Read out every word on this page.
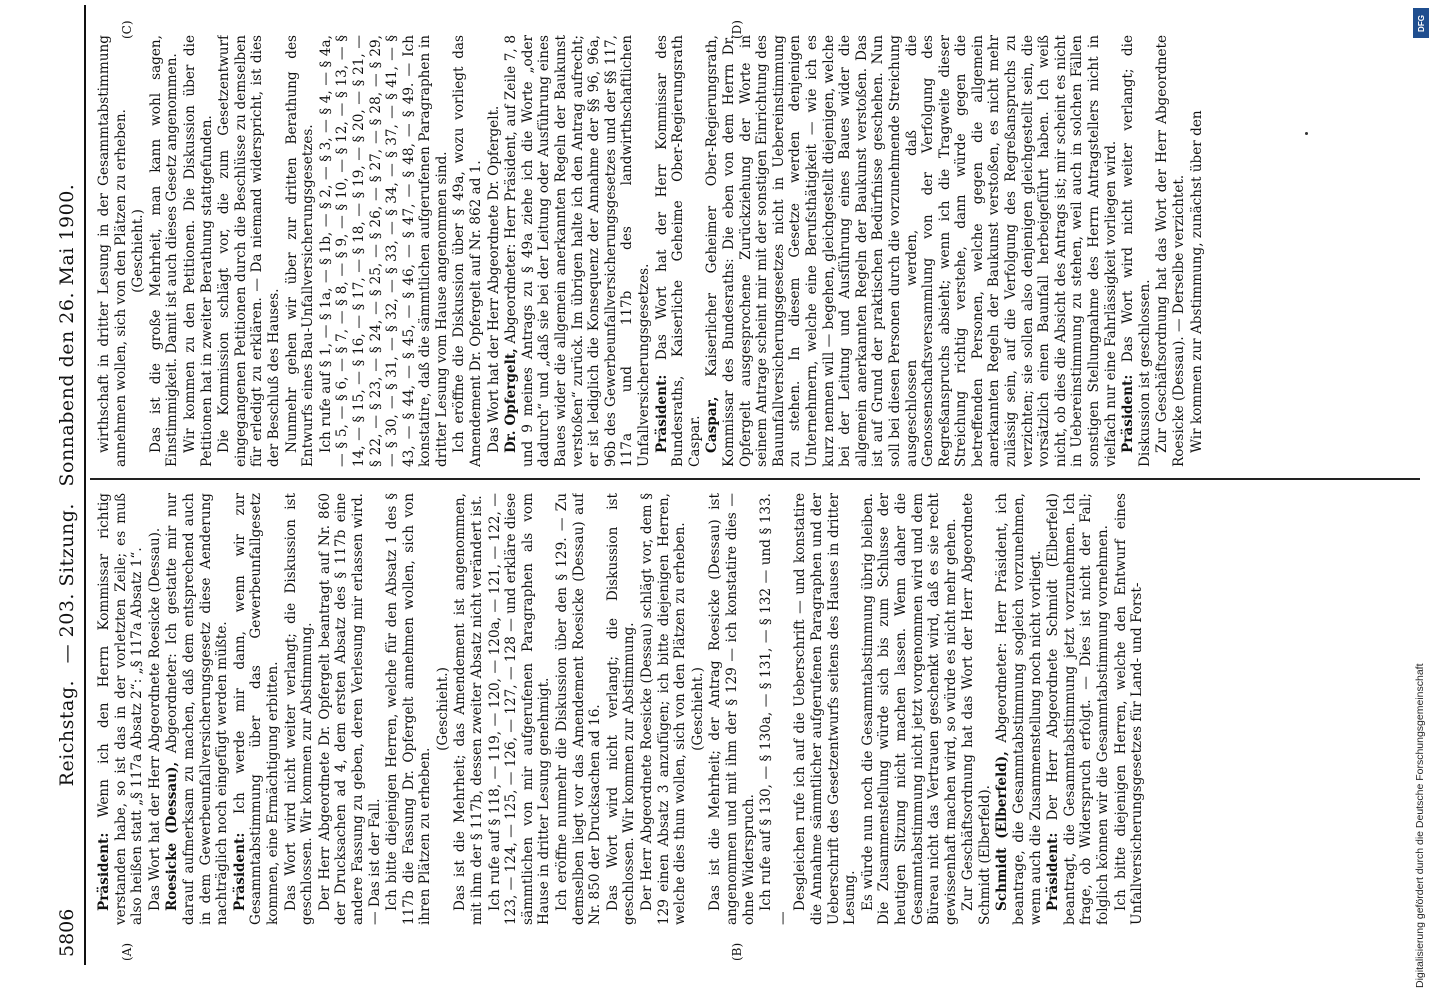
5806
Reichstag. — 203. Sitzung. Sonnabend den 26. Mai 1900.
(A)	(B)
(C)	(D)

Präsident: Wenn ich den Herrn Kommissar richtig verstanden habe, so ist das in der vorletzten Zeile; es muß also heißen statt „§ 117a Absatz 2“: „§ 117a Absatz 1“. Das Wort hat der Herr Abgeordnete Roesicke (Dessau). Roesicke (Dessau), Abgeordneter: Ich gestatte mir nur darauf aufmerksam zu machen, daß dem entsprechend auch in dem Gewerbeunfallversicherungsgesetz diese Aenderung nachträglich noch eingefügt werden müßte. Präsident: Ich werde mir dann, wenn wir zur Gesammtabstimmung über das Gewerbeunfallgesetz kommen, eine Ermächtigung erbitten. Das Wort wird nicht weiter verlangt; die Diskussion ist geschlossen. Wir kommen zur Abstimmung. Der Herr Abgeordnete Dr. Opfergelt beantragt auf Nr. 860 der Drucksachen ad 4, dem ersten Absatz des § 117b eine andere Fassung zu geben, deren Verlesung mir erlassen wird. — Das ist der Fall. Ich bitte diejenigen Herren, welche für den Absatz 1 des § 117b die Fassung Dr. Opfergelt annehmen wollen, sich von ihren Plätzen zu erheben.

(Geschieht.) Das ist die Mehrheit; das Amendement ist angenommen, mit ihm der § 117b, dessen zweiter Absatz nicht verändert ist. Ich rufe auf § 118, — 119, — 120, — 120a, — 121, — 122, — 123, — 124, — 125, — 126, — 127, — 128 — und erkläre diese sämmtlichen von mir aufgerufenen Paragraphen als vom Hause in dritter Lesung genehmigt. Ich eröffne nunmehr die Diskussion über den § 129. — Zu demselben liegt vor das Amendement Roesicke (Dessau) auf Nr. 850 der Drucksachen ad 16. Das Wort wird nicht verlangt; die Diskussion ist geschlossen. Wir kommen zur Abstimmung. Der Herr Abgeordnete Roesicke (Dessau) schlägt vor, dem § 129 einen Absatz 3 anzufügen; ich bitte diejenigen Herren, welche dies thun wollen, sich von den Plätzen zu erheben. (Geschieht.) Das ist die Mehrheit; der Antrag Roesicke (Dessau) ist angenommen und mit ihm der § 129 — ich konstatire dies — ohne Widerspruch. Ich rufe auf § 130, — § 130a, — § 131, — § 132 — und § 133. —

Desgleichen rufe ich auf die Ueberschrift — und konstatire die Annahme sämmtlicher aufgerufenen Paragraphen und der Ueberschrift des Gesetzentwurfs seitens des Hauses in dritter Lesung. Es würde nun noch die Gesammtabstimmung übrig bleiben. Die Zusammenstellung würde sich bis zum Schlusse der heutigen Sitzung nicht machen lassen. Wenn daher die Gesammtabstimmung nicht jetzt vorgenommen wird und dem Büreau nicht das Vertrauen geschenkt wird, daß es sie recht gewissenhaft machen wird, so würde es nicht mehr gehen. Zur Geschäftsordnung hat das Wort der Herr Abgeordnete Schmidt (Elberfeld). Schmidt (Elberfeld), Abgeordneter: Herr Präsident, ich beantrage, die Gesammtabstimmung sogleich vorzunehmen, wenn auch die Zusammenstellung noch nicht vorliegt. Präsident: Der Herr Abgeordnete Schmidt (Elberfeld) beantragt, die Gesammtabstimmung jetzt vorzunehmen. Ich frage, ob Widerspruch erfolgt. — Dies ist nicht der Fall; folglich können wir die Gesammtabstimmung vornehmen. Ich bitte diejenigen Herren, welche den Entwurf eines Unfallversicherungsgesetzes für Land- und Forst-

wirthschaft in dritter Lesung in der Gesammtabstimmung annehmen wollen, sich von den Plätzen zu erheben. (Geschieht.) Das ist die große Mehrheit, man kann wohl sagen, Einstimmigkeit. Damit ist auch dieses Gesetz angenommen. Wir kommen zu den Petitionen. Die Diskussion über die Petitionen hat in zweiter Berathung stattgefunden. Die Kommission schlägt vor, die zum Gesetzentwurf eingegangenen Petitionen durch die Beschlüsse zu demselben für erledigt zu erklären. — Da niemand widerspricht, ist dies der Beschluß des Hauses. Nunmehr gehen wir über zur dritten Berathung des Entwurfs eines Bau-Unfallversicherungsgesetzes. Ich rufe auf § 1, — § 1a, — § 1b, — § 2, — § 3, — § 4, — § 4a, — § 5, — § 6, — § 7, — § 8, — § 9, — § 10, — § 12, — § 13, — § 14, — § 15, — § 16, — § 17, — § 18, — § 19, — § 20, — § 21, — § 22, — § 23, — § 24, — § 25, — § 26, — § 27, — § 28, — § 29, — § 30, — § 31, — § 32, — § 33, — § 34, — § 37, — § 41, — § 43, — § 44, — § 45, — § 46, — § 47, — § 48, — § 49. — Ich konstatire, daß die sämmtlichen aufgerufenen Paragraphen in dritter Lesung vom Hause angenommen sind. Ich eröffne die Diskussion über § 49a, wozu vorliegt das Amendement Dr. Opfergelt auf Nr. 862 ad 1. Das Wort hat der Herr Abgeordnete Dr. Opfergelt. Dr. Opfergelt, Abgeordneter: Herr Präsident, auf Zeile 7, 8 und 9 meines Antrags zu § 49a ziehe ich die Worte „oder dadurch“ und „daß sie bei der Leitung oder Ausführung eines Baues wider die allgemein anerkannten Regeln der Baukunst verstoßen“ zurück. Im übrigen halte ich den Antrag aufrecht; er ist lediglich die Konsequenz der Annahme der §§ 96, 96a, 96b des Gewerbeunfallversicherungsgesetzes und der §§ 117, 117a und 117b des landwirthschaftlichen Unfallversicherungsgesetzes. Präsident: Das Wort hat der Herr Kommissar des Bundesraths, Kaiserliche Geheime Ober-Regierungsrath Caspar. Caspar, Kaiserlicher Geheimer Ober-Regierungsrath, Kommissar des Bundesraths: Die eben von dem Herrn Dr. Opfergelt ausgesprochene Zurückziehung der Worte in seinem Antrage scheint mir mit der sonstigen Einrichtung des Bauunfallversicherungsgesetzes nicht in Uebereinstimmung zu stehen. In diesem Gesetze werden denjenigen Unternehmern, welche eine Berufsthätigkeit — wie ich es kurz nennen will — begehen, gleichgestellt diejenigen, welche bei der Leitung und Ausführung eines Baues wider die allgemein anerkannten Regeln der Baukunst verstoßen. Das ist auf Grund der praktischen Bedürfnisse geschehen. Nun soll bei diesen Personen durch die vorzunehmende Streichung ausgeschlossen werden, daß die Genossenschaftsversammlung von der Verfolgung des Regreßanspruchs absieht; wenn ich die Tragweite dieser Streichung richtig verstehe, dann würde gegen die betreffenden Personen, welche gegen die allgemein anerkannten Regeln der Baukunst verstoßen, es nicht mehr zulässig sein, auf die Verfolgung des Regreßanspruchs zu verzichten; sie sollen also denjenigen gleichgestellt sein, die vorsätzlich einen Baunfall herbeigeführt haben. Ich weiß nicht, ob dies die Absicht des Antrags ist; mir scheint es nicht in Uebereinstimmung zu stehen, weil auch in solchen Fällen sonstigen Stellungnahme des Herrn Antragstellers nicht in vielfach nur eine Fahrlässigkeit vorliegen wird. Präsident: Das Wort wird nicht weiter verlangt; die Diskussion ist geschlossen. Zur Geschäftsordnung hat das Wort der Herr Abgeordnete Roesicke (Dessau). — Derselbe verzichtet. Wir kommen zur Abstimmung, zunächst über den

DFG
Digitalisierung gefördert durch die Deutsche Forschungsgemeinschaft
